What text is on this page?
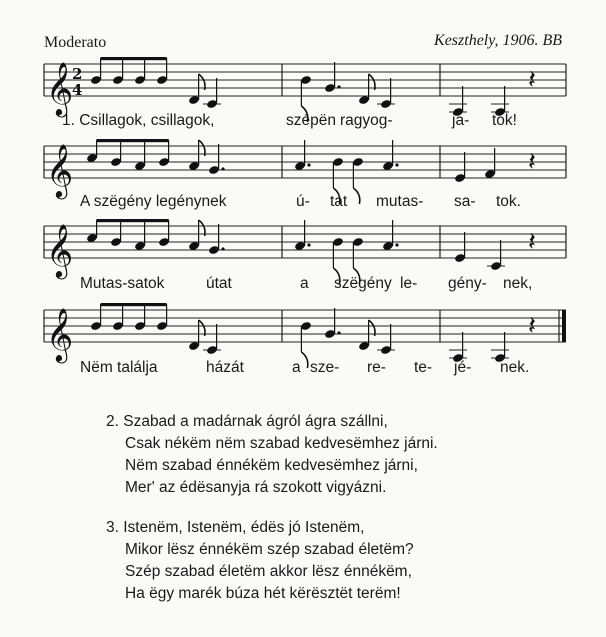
𝄞
2
4	𝄽
𝄞	𝄽
𝄞	𝄽
𝄞	𝄽
Moderato	Keszthely, 1906. BB
1. Csillagok, csillagok,	szépën ragyog-	ja- tok!
A szëgény legénynek	ú- tat mutas- sa- tok.
Mutas-satok	útat	a szëgény le- gény- nek,
Nëm találja	házát	a sze- re- te- jé- nek.
2. Szabad a madárnak ágról ágra szállni,
Csak nékëm nëm szabad kedvesëmhez járni.
Nëm szabad énnékëm kedvesëmhez járni,
Mer' az édësanyja rá szokott vigyázni.
3. Istenëm, Istenëm, édës jó Istenëm,
Mikor lësz énnékëm szép szabad életëm?
Szép szabad életëm akkor lësz énnékëm,
Ha ëgy marék búza hét kërësztët terëm!
